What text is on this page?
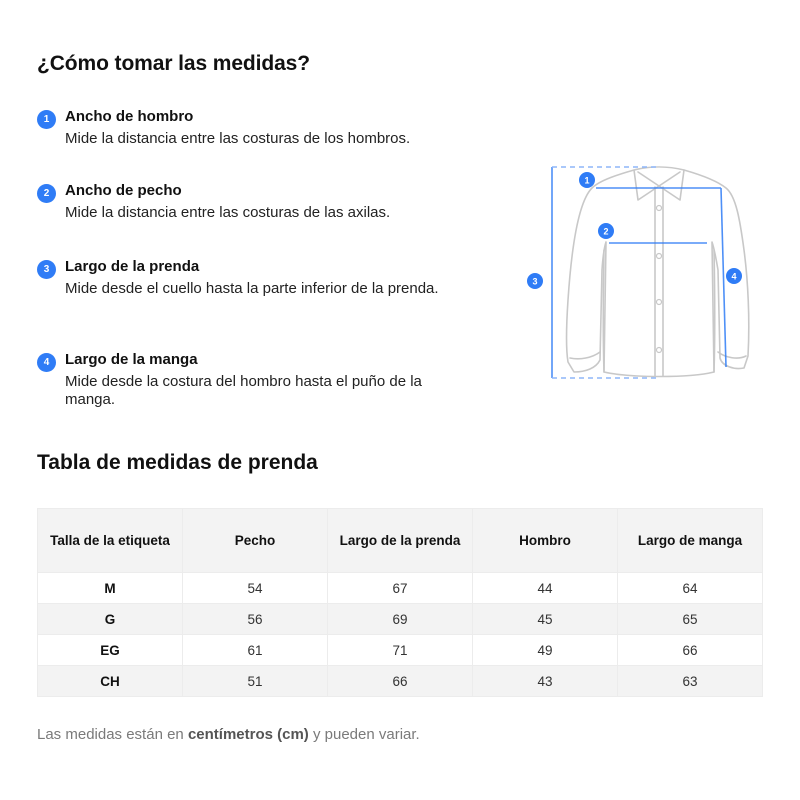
¿Cómo tomar las medidas?
1	Ancho de hombro
Mide la distancia entre las costuras de los hombros.
2	Ancho de pecho
Mide la distancia entre las costuras de las axilas.
3	Largo de la prenda
Mide desde el cuello hasta la parte inferior de la prenda.
4	Largo de la manga
Mide desde la costura del hombro hasta el puño de la manga.
1
2
3	4
Tabla de medidas de prenda
Talla de la etiqueta	Pecho	Largo de la prenda	Hombro	Largo de manga
M	54	67	44	64
G	56	69	45	65
EG	61	71	49	66
CH	51	66	43	63

Las medidas están en centímetros (cm) y pueden variar.
